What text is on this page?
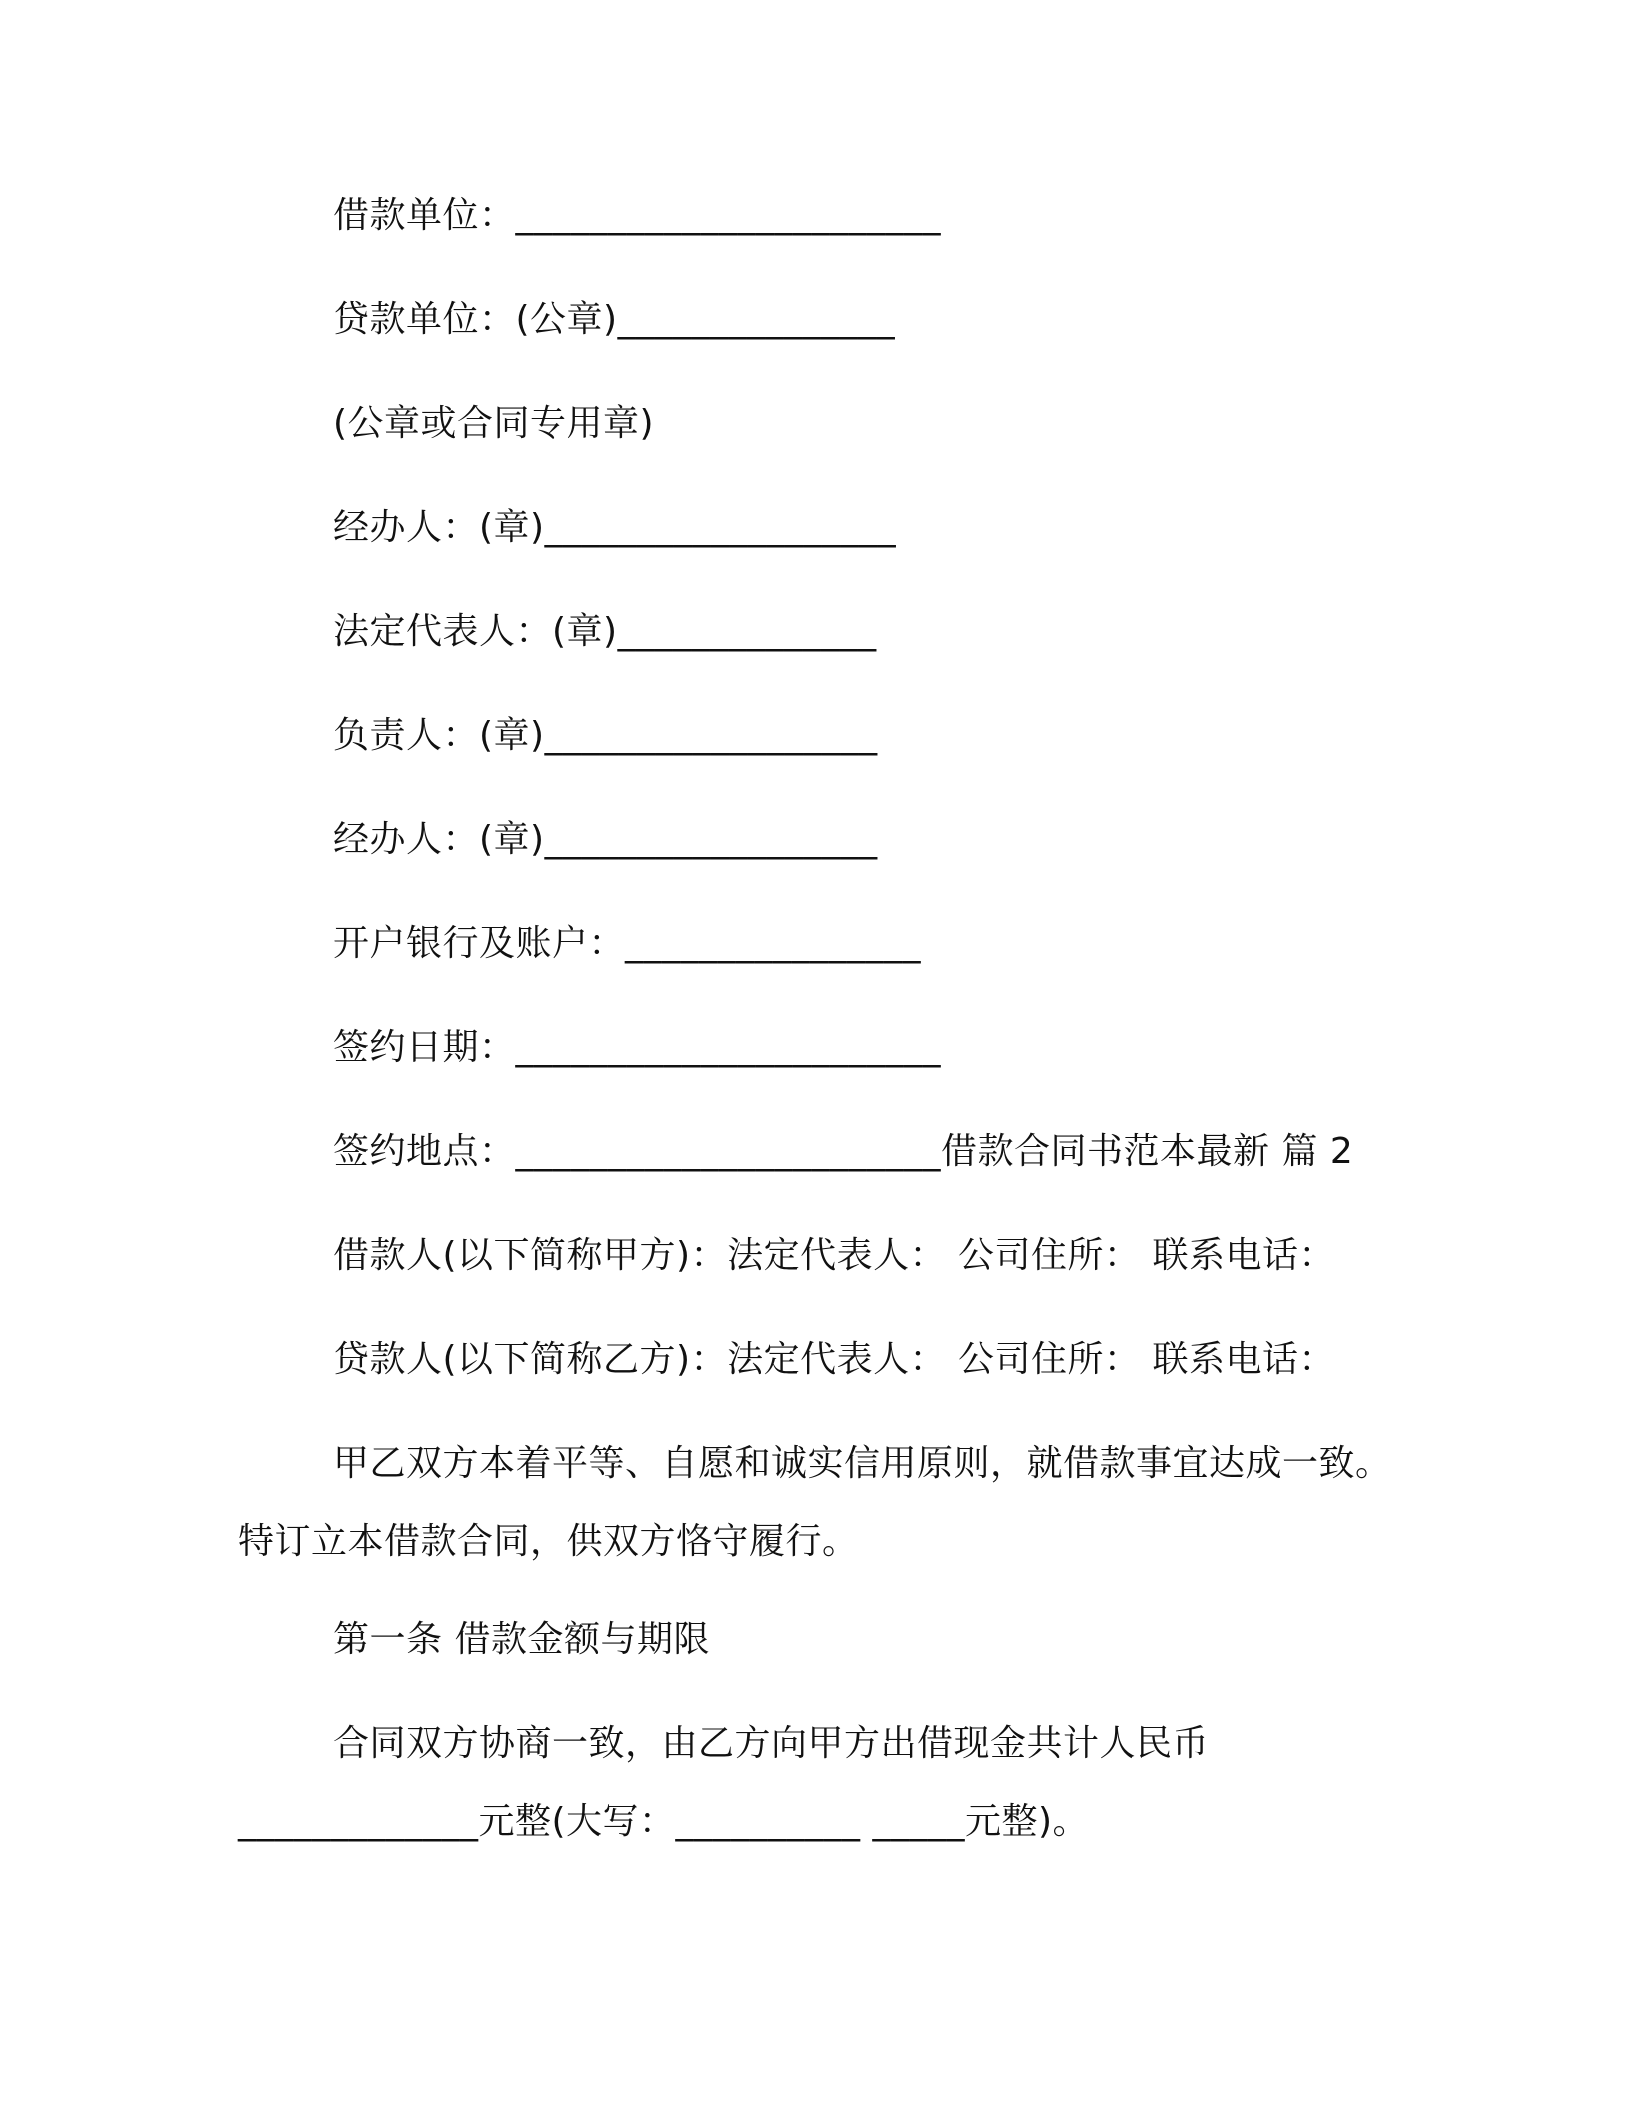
借款单位：_______________________

贷款单位：(公章)_______________

(公章或合同专用章)

经办人：(章)___________________

法定代表人：(章)______________

负责人：(章)__________________

经办人：(章)__________________

开户银行及账户：________________

签约日期：_______________________

签约地点：_______________________借款合同书范本最新 篇 2

借款人(以下简称甲方)：法定代表人： 公司住所： 联系电话：

贷款人(以下简称乙方)：法定代表人： 公司住所： 联系电话：

甲乙双方本着平等、自愿和诚实信用原则，就借款事宜达成一致。

特订立本借款合同，供双方恪守履行。

第一条 借款金额与期限

合同双方协商一致，由乙方向甲方出借现金共计人民币

_____________元整(大写：__________ _____元整)。
